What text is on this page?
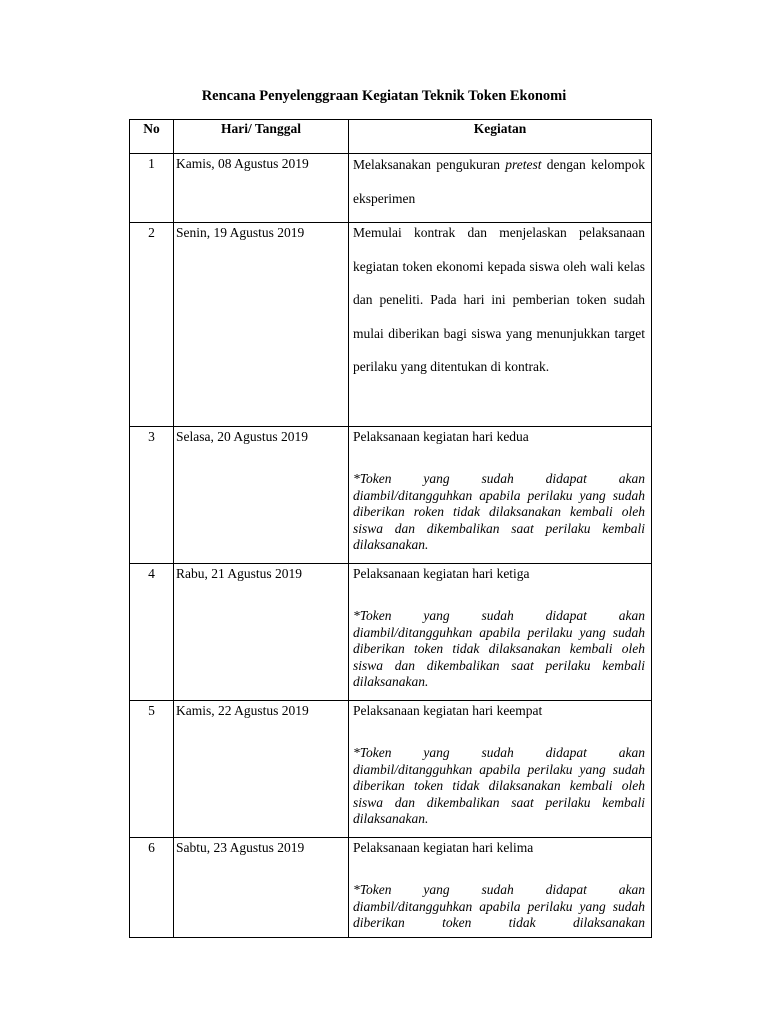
Rencana Penyelenggraan Kegiatan Teknik Token Ekonomi
No	Hari/ Tanggal	Kegiatan
1	Kamis, 08 Agustus 2019	Melaksanakan pengukuran pretest dengan kelompok eksperimen

2	Senin, 19 Agustus 2019	Memulai kontrak dan menjelaskan pelaksanaan kegiatan token ekonomi kepada siswa oleh wali kelas dan peneliti. Pada hari ini pemberian token sudah mulai diberikan bagi siswa yang menunjukkan target perilaku yang ditentukan di kontrak.

3	Selasa, 20 Agustus 2019	Pelaksanaan kegiatan hari kedua
*Token yang sudah didapat akan diambil/ditangguhkan apabila perilaku yang sudah diberikan roken tidak dilaksanakan kembali oleh siswa dan dikembalikan saat perilaku kembali dilaksanakan.

4	Rabu, 21 Agustus 2019	Pelaksanaan kegiatan hari ketiga
*Token yang sudah didapat akan diambil/ditangguhkan apabila perilaku yang sudah diberikan token tidak dilaksanakan kembali oleh siswa dan dikembalikan saat perilaku kembali dilaksanakan.

5	Kamis, 22 Agustus 2019	Pelaksanaan kegiatan hari keempat
*Token yang sudah didapat akan diambil/ditangguhkan apabila perilaku yang sudah diberikan token tidak dilaksanakan kembali oleh siswa dan dikembalikan saat perilaku kembali dilaksanakan.

6	Sabtu, 23 Agustus 2019	Pelaksanaan kegiatan hari kelima
*Token yang sudah didapat akan diambil/ditangguhkan apabila perilaku yang sudah diberikan token tidak dilaksanakan
